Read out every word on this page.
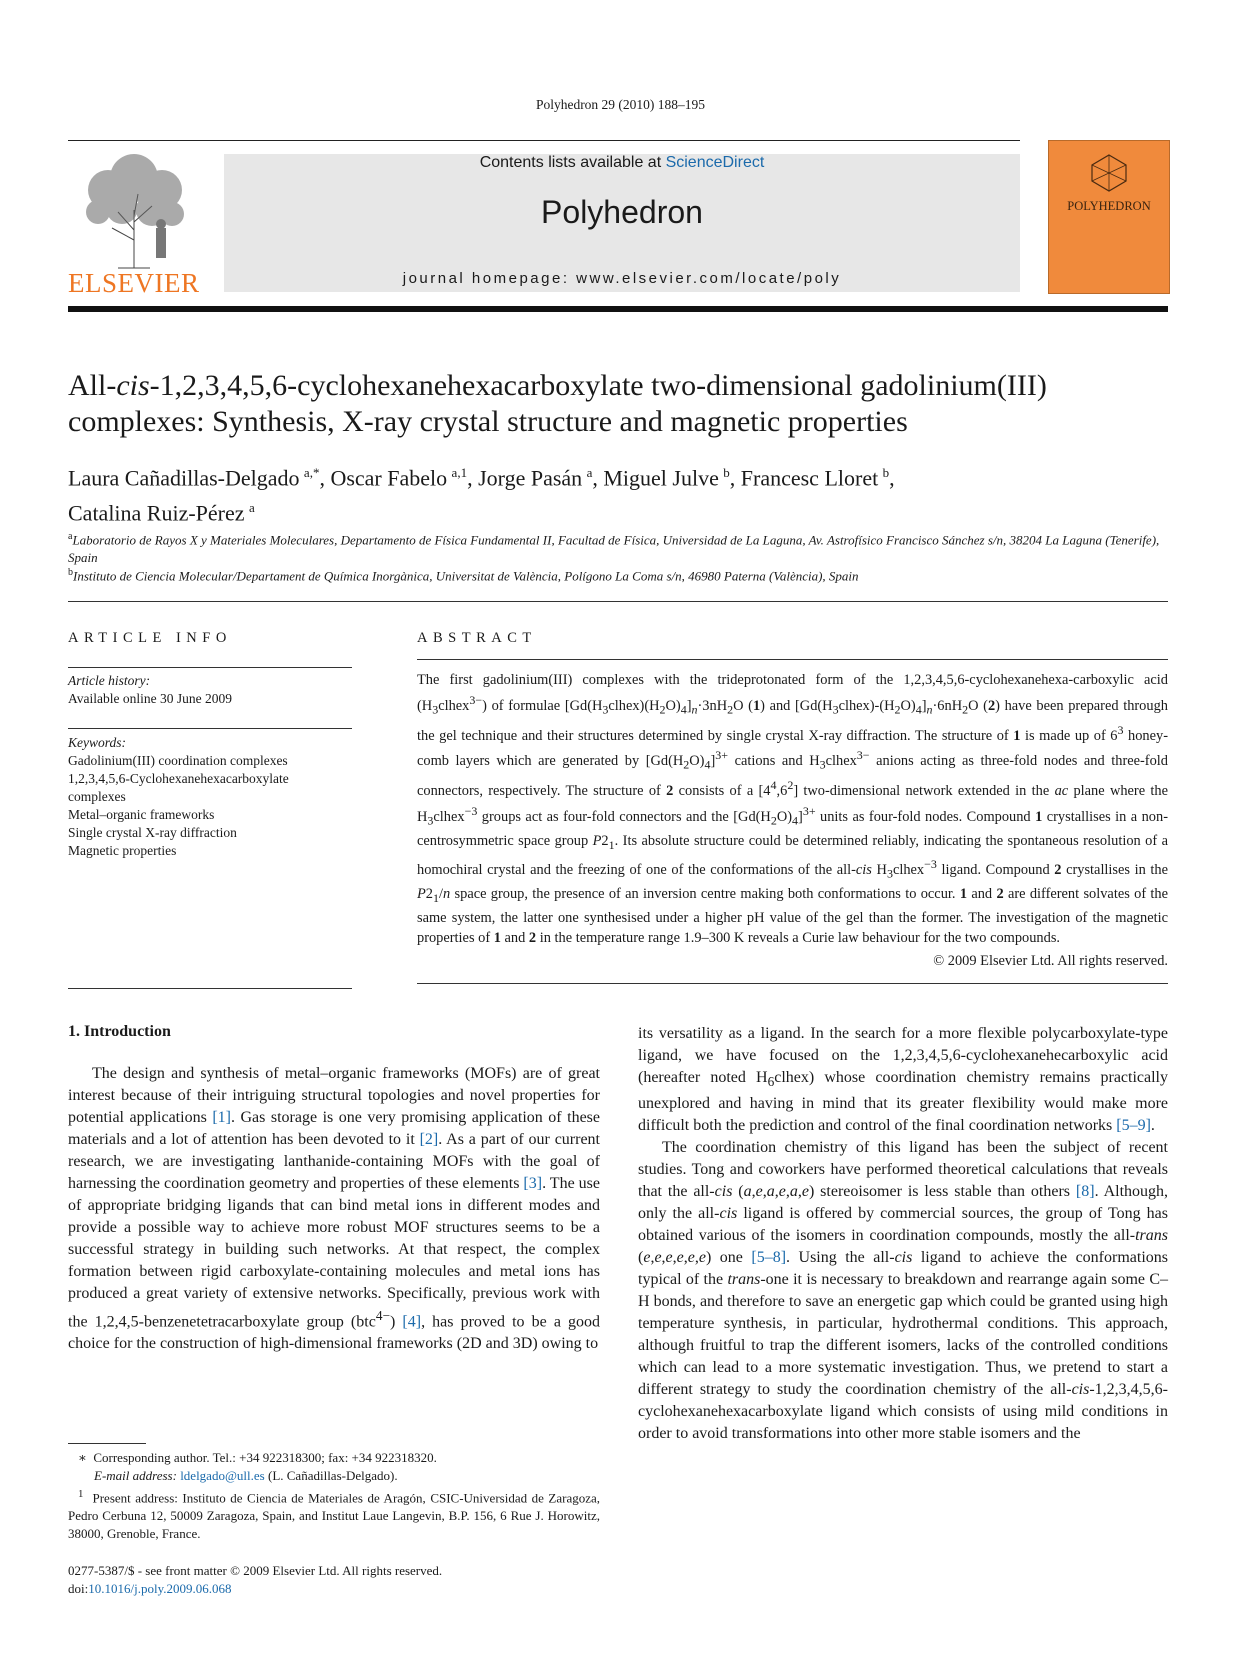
Polyhedron 29 (2010) 188–195
ELSEVIER
Contents lists available at ScienceDirect
Polyhedron
journal homepage: www.elsevier.com/locate/poly
POLYHEDRON
All-cis-1,2,3,4,5,6-cyclohexanehexacarboxylate two-dimensional gadolinium(III)
complexes: Synthesis, X-ray crystal structure and magnetic properties
Laura Cañadillas-Delgado  $^{a,*}$, Oscar Fabelo  $^{a,1}$, Jorge Pasán  $^a$, Miguel Julve  $^b$, Francesc Lloret  $^b$,
Catalina Ruiz-Pérez  $^a$
$^a$Laboratorio de Rayos X y Materiales Moleculares, Departamento de Física Fundamental II, Facultad de Física, Universidad de La Laguna, Av. Astrofísico Francisco Sánchez s/n, 38204 La Laguna (Tenerife), Spain
$^b$Instituto de Ciencia Molecular/Departament de Química Inorgànica, Universitat de València, Polígono La Coma s/n, 46980 Paterna (València), Spain
ARTICLE INFO
Article history:
Available online 30 June 2009
Keywords:
Gadolinium(III) coordination complexes
1,2,3,4,5,6-Cyclohexanehexacarboxylate
complexes
Metal–organic frameworks
Single crystal X-ray diffraction
Magnetic properties
ABSTRACT
The first gadolinium(III) complexes with the trideprotonated form of the 1,2,3,4,5,6-cyclohexanehexa-carboxylic acid $(H_3clhex^{3-})$ of formulae $[Gd(H_3clhex)(H_2O)_4]_n\cdot 3nH_2O$ (1) and $[Gd(H_3clhex)-(H_2O)_4]_n\cdot 6nH_2O$ (2) have been prepared through the gel technique and their structures determined by single crystal X-ray diffraction. The structure of 1 is made up of $6^3$ honey-comb layers which are generated by $[Gd(H_2O)_4]^{3+}$ cations and $H_3clhex^{3-}$ anions acting as three-fold nodes and three-fold connectors, respectively. The structure of 2 consists of a $[4^4,6^2]$ two-dimensional network extended in the ac plane where the $H_3clhex^{-3}$ groups act as four-fold connectors and the $[Gd(H_2O)_4]^{3+}$ units as four-fold nodes. Compound 1 crystallises in a non-centrosymmetric space group $P2_1$. Its absolute structure could be determined reliably, indicating the spontaneous resolution of a homochiral crystal and the freezing of one of the conformations of the all-cis $H_3clhex^{-3}$ ligand. Compound 2 crystallises in the $P2_1/n$ space group, the presence of an inversion centre making both conformations to occur. 1 and 2 are different solvates of the same system, the latter one synthesised under a higher pH value of the gel than the former. The investigation of the magnetic properties of 1 and 2 in the temperature range 1.9–300 K reveals a Curie law behaviour for the two compounds.
© 2009 Elsevier Ltd. All rights reserved.
1. Introduction
The design and synthesis of metal–organic frameworks (MOFs) are of great interest because of their intriguing structural topologies and novel properties for potential applications [1]. Gas storage is one very promising application of these materials and a lot of attention has been devoted to it [2]. As a part of our current research, we are investigating lanthanide-containing MOFs with the goal of harnessing the coordination geometry and properties of these elements [3]. The use of appropriate bridging ligands that can bind metal ions in different modes and provide a possible way to achieve more robust MOF structures seems to be a successful strategy in building such networks. At that respect, the complex formation between rigid carboxylate-containing molecules and metal ions has produced a great variety of extensive networks. Specifically, previous work with the 1,2,4,5-benzenetetracarboxylate group (btc$^{4-}$) [4], has proved to be a good choice for the construction of high-dimensional frameworks (2D and 3D) owing to

its versatility as a ligand. In the search for a more flexible polycarboxylate-type ligand, we have focused on the 1,2,3,4,5,6-cyclohexanehecarboxylic acid (hereafter noted $H_6clhex$) whose coordination chemistry remains practically unexplored and having in mind that its greater flexibility would make more difficult both the prediction and control of the final coordination networks [5–9].

The coordination chemistry of this ligand has been the subject of recent studies. Tong and coworkers have performed theoretical calculations that reveals that the all-cis (a,e,a,e,a,e) stereoisomer is less stable than others [8]. Although, only the all-cis ligand is offered by commercial sources, the group of Tong has obtained various of the isomers in coordination compounds, mostly the all-trans (e,e,e,e,e,e) one [5–8]. Using the all-cis ligand to achieve the conformations typical of the trans-one it is necessary to breakdown and rearrange again some C–H bonds, and therefore to save an energetic gap which could be granted using high temperature synthesis, in particular, hydrothermal conditions. This approach, although fruitful to trap the different isomers, lacks of the controlled conditions which can lead to a more systematic investigation. Thus, we pretend to start a different strategy to study the coordination chemistry of the all-cis-1,2,3,4,5,6-cyclohexanehexacarboxylate ligand which consists of using mild conditions in order to avoid transformations into other more stable isomers and the

∗  Corresponding author. Tel.: +34 922318300; fax: +34 922318320.

E-mail address: ldelgado@ull.es (L. Cañadillas-Delgado).

$^1$ Present address: Instituto de Ciencia de Materiales de Aragón, CSIC-Universidad de Zaragoza, Pedro Cerbuna 12, 50009 Zaragoza, Spain, and Institut Laue Langevin, B.P. 156, 6 Rue J. Horowitz, 38000, Grenoble, France.

0277-5387/$ - see front matter © 2009 Elsevier Ltd. All rights reserved.
doi:10.1016/j.poly.2009.06.068
